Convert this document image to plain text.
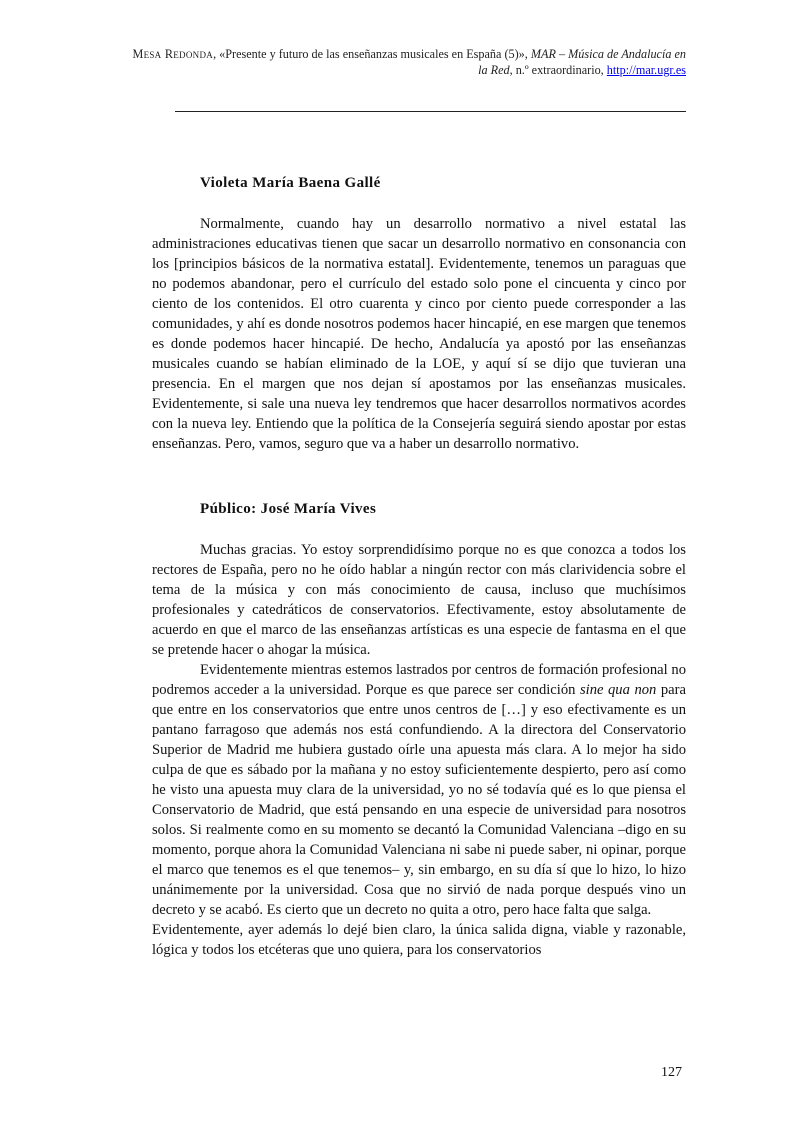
Mesa Redonda, «Presente y futuro de las enseñanzas musicales en España (5)», MAR – Música de Andalucía en la Red, n.º extraordinario, http://mar.ugr.es
Violeta María Baena Gallé

Normalmente, cuando hay un desarrollo normativo a nivel estatal las administraciones educativas tienen que sacar un desarrollo normativo en consonancia con los [principios básicos de la normativa estatal]. Evidentemente, tenemos un paraguas que no podemos abandonar, pero el currículo del estado solo pone el cincuenta y cinco por ciento de los contenidos. El otro cuarenta y cinco por ciento puede corresponder a las comunidades, y ahí es donde nosotros podemos hacer hincapié, en ese margen que tenemos es donde podemos hacer hincapié. De hecho, Andalucía ya apostó por las enseñanzas musicales cuando se habían eliminado de la LOE, y aquí sí se dijo que tuvieran una presencia. En el margen que nos dejan sí apostamos por las enseñanzas musicales. Evidentemente, si sale una nueva ley tendremos que hacer desarrollos normativos acordes con la nueva ley. Entiendo que la política de la Consejería seguirá siendo apostar por estas enseñanzas. Pero, vamos, seguro que va a haber un desarrollo normativo.

Público: José María Vives

Muchas gracias. Yo estoy sorprendidísimo porque no es que conozca a todos los rectores de España, pero no he oído hablar a ningún rector con más clarividencia sobre el tema de la música y con más conocimiento de causa, incluso que muchísimos profesionales y catedráticos de conservatorios. Efectivamente, estoy absolutamente de acuerdo en que el marco de las enseñanzas artísticas es una especie de fantasma en el que se pretende hacer o ahogar la música.

Evidentemente mientras estemos lastrados por centros de formación profesional no podremos acceder a la universidad. Porque es que parece ser condición sine qua non para que entre en los conservatorios que entre unos centros de […] y eso efectivamente es un pantano farragoso que además nos está confundiendo. A la directora del Conservatorio Superior de Madrid me hubiera gustado oírle una apuesta más clara. A lo mejor ha sido culpa de que es sábado por la mañana y no estoy suficientemente despierto, pero así como he visto una apuesta muy clara de la universidad, yo no sé todavía qué es lo que piensa el Conservatorio de Madrid, que está pensando en una especie de universidad para nosotros solos. Si realmente como en su momento se decantó la Comunidad Valenciana –digo en su momento, porque ahora la Comunidad Valenciana ni sabe ni puede saber, ni opinar, porque el marco que tenemos es el que tenemos– y, sin embargo, en su día sí que lo hizo, lo hizo unánimemente por la universidad. Cosa que no sirvió de nada porque después vino un decreto y se acabó. Es cierto que un decreto no quita a otro, pero hace falta que salga.

Evidentemente, ayer además lo dejé bien claro, la única salida digna, viable y razonable, lógica y todos los etcéteras que uno quiera, para los conservatorios

127
